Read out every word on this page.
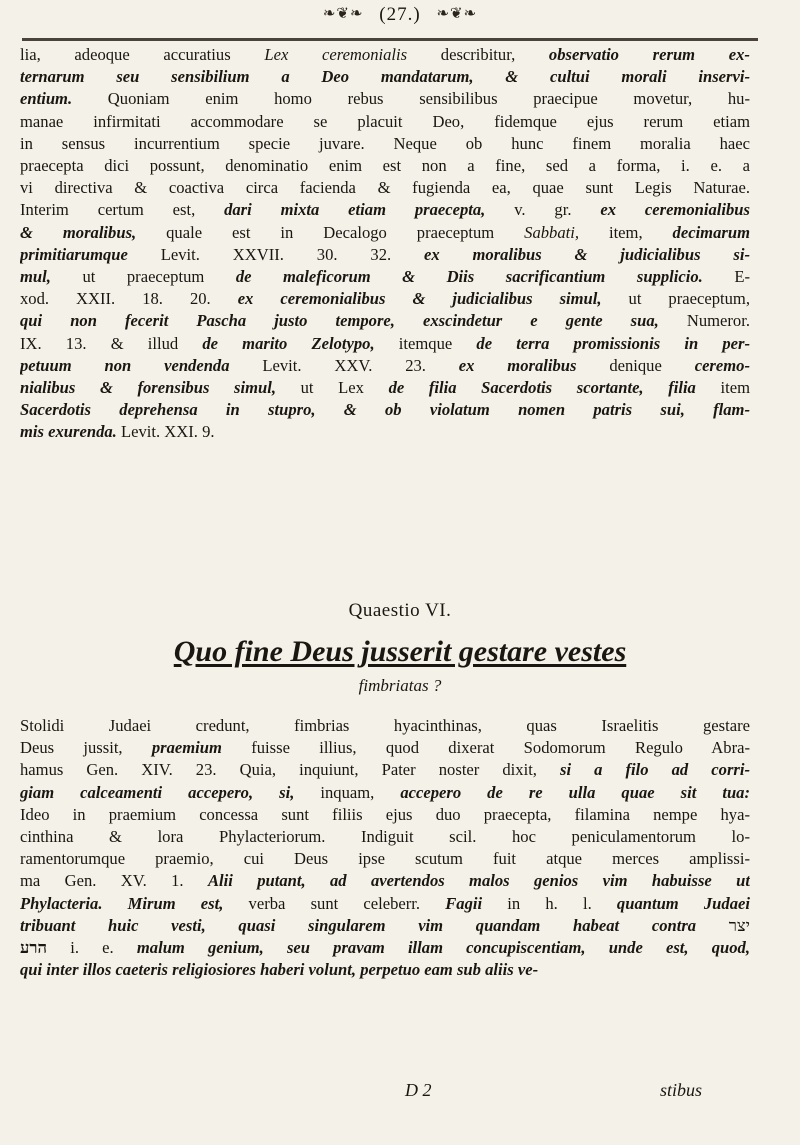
❧❦❧ (27.) ❧❦❧
lia, adeoque accuratius Lex ceremonialis describitur, observatio rerum ex-
ternarum seu sensibilium a Deo mandatarum, & cultui morali inservi-
entium. Quoniam enim homo rebus sensibilibus praecipue movetur, hu-
manae infirmitati accommodare se placuit Deo, fidemque ejus rerum etiam
in sensus incurrentium specie juvare. Neque ob hunc finem moralia haec
praecepta dici possunt, denominatio enim est non a fine, sed a forma, i. e. a
vi directiva & coactiva circa facienda & fugienda ea, quae sunt Legis Naturae.
Interim certum est, dari mixta etiam praecepta, v. gr. ex ceremonialibus
& moralibus, quale est in Decalogo praeceptum Sabbati, item, decimarum
primitiarumque Levit. XXVII. 30. 32. ex moralibus & judicialibus si-
mul, ut praeceptum de maleficorum & Diis sacrificantium supplicio. E-
xod. XXII. 18. 20. ex ceremonialibus & judicialibus simul, ut praeceptum,
qui non fecerit Pascha justo tempore, exscindetur e gente sua, Numeror.
IX. 13. & illud de marito Zelotypo, itemque de terra promissionis in per-
petuum non vendenda Levit. XXV. 23. ex moralibus denique ceremo-
nialibus & forensibus simul, ut Lex de filia Sacerdotis scortante, filia item
Sacerdotis deprehensa in stupro, & ob violatum nomen patris sui, flam-
mis exurenda. Levit. XXI. 9.
Quaestio VI.
Quo fine Deus jusserit gestare vestes
fimbriatas ?
Stolidi Judaei credunt, fimbrias hyacinthinas, quas Israelitis gestare
Deus jussit, praemium fuisse illius, quod dixerat Sodomorum Regulo Abra-
hamus Gen. XIV. 23. Quia, inquiunt, Pater noster dixit, si a filo ad corri-
giam calceamenti accepero, si, inquam, accepero de re ulla quae sit tua:
Ideo in praemium concessa sunt filiis ejus duo praecepta, filamina nempe hya-
cinthina & lora Phylacteriorum. Indiguit scil. hoc peniculamentorum lo-
ramentorumque praemio, cui Deus ipse scutum fuit atque merces amplissi-
ma Gen. XV. 1. Alii putant, ad avertendos malos genios vim habuisse ut
Phylacteria. Mirum est, verba sunt celeberr. Fagii in h. l. quantum Judaei
tribuant huic vesti, quasi singularem vim quandam habeat contra יצר
הרע i. e. malum genium, seu pravam illam concupiscentiam, unde est, quod,
qui inter illos caeteris religiosiores haberi volunt, perpetuo eam sub aliis ve-
D 2	stibus
